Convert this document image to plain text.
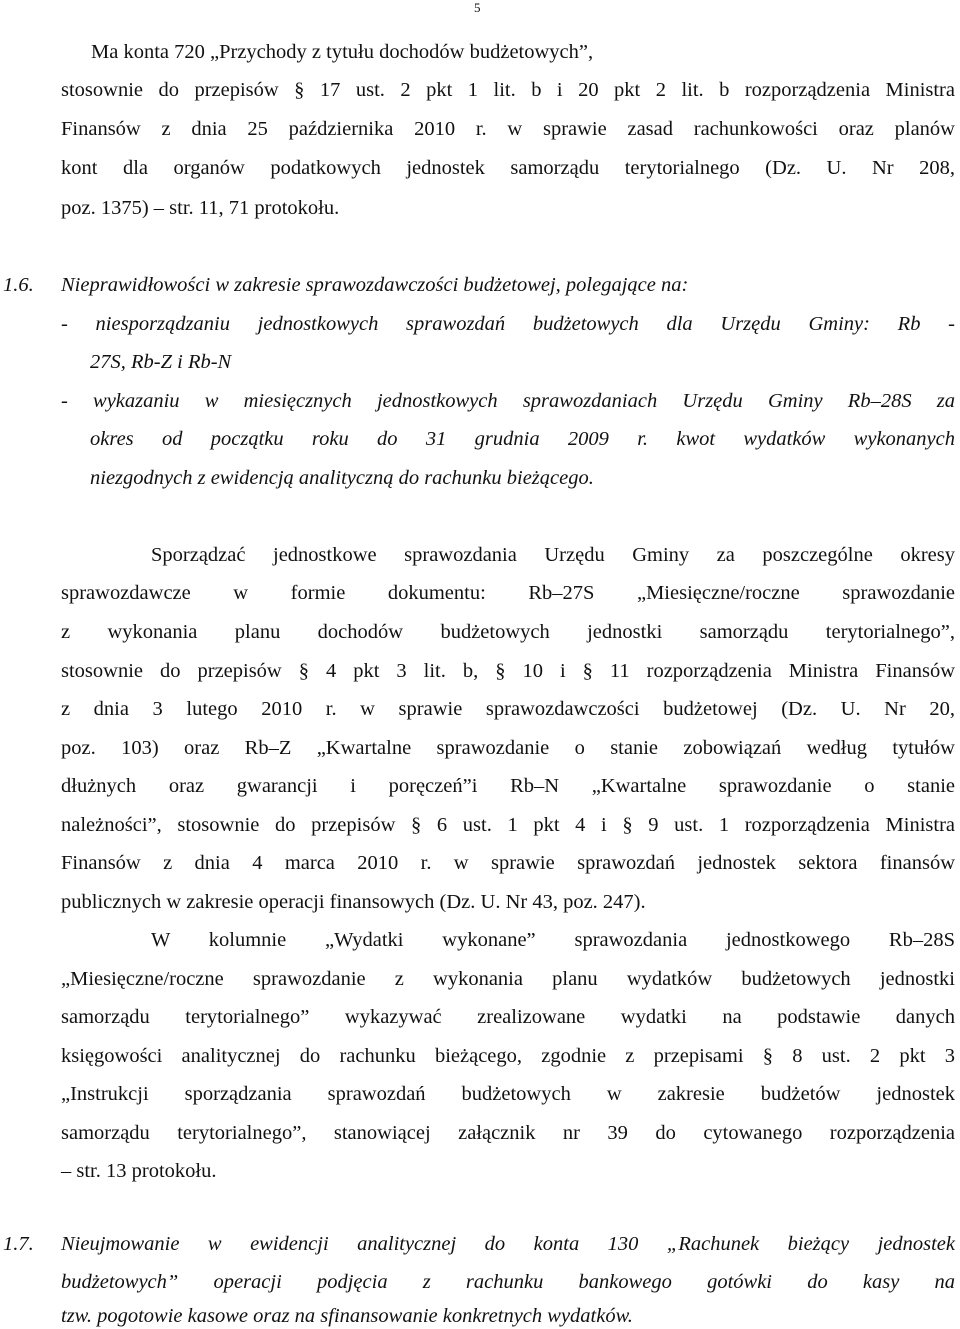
5
Ma konta 720 „Przychody z tytułu dochodów budżetowych”,
stosownie do przepisów § 17 ust. 2 pkt 1 lit. b i 20 pkt 2 lit. b rozporządzenia Ministra
Finansów z dnia 25 października 2010 r. w sprawie zasad rachunkowości oraz planów
kont dla organów podatkowych jednostek samorządu terytorialnego (Dz. U. Nr 208,
poz. 1375) – str. 11, 71 protokołu.
1.6. Nieprawidłowości w zakresie sprawozdawczości budżetowej, polegające na:
- niesporządzaniu jednostkowych sprawozdań budżetowych dla Urzędu Gminy: Rb -
27S, Rb-Z i Rb-N
- wykazaniu w miesięcznych jednostkowych sprawozdaniach Urzędu Gminy Rb–28S za
okres od początku roku do 31 grudnia 2009 r. kwot wydatków wykonanych
niezgodnych z ewidencją analityczną do rachunku bieżącego.
Sporządzać jednostkowe sprawozdania Urzędu Gminy za poszczególne okresy
sprawozdawcze w formie dokumentu: Rb–27S „Miesięczne/roczne sprawozdanie
z wykonania planu dochodów budżetowych jednostki samorządu terytorialnego”,
stosownie do przepisów § 4 pkt 3 lit. b, § 10 i § 11 rozporządzenia Ministra Finansów
z dnia 3 lutego 2010 r. w sprawie sprawozdawczości budżetowej (Dz. U. Nr 20,
poz. 103) oraz Rb–Z „Kwartalne sprawozdanie o stanie zobowiązań według tytułów
dłużnych oraz gwarancji i poręczeń”i Rb–N „Kwartalne sprawozdanie o stanie
należności”, stosownie do przepisów § 6 ust. 1 pkt 4 i § 9 ust. 1 rozporządzenia Ministra
Finansów z dnia 4 marca 2010 r. w sprawie sprawozdań jednostek sektora finansów
publicznych w zakresie operacji finansowych (Dz. U. Nr 43, poz. 247).
W kolumnie „Wydatki wykonane” sprawozdania jednostkowego Rb–28S
„Miesięczne/roczne sprawozdanie z wykonania planu wydatków budżetowych jednostki
samorządu terytorialnego” wykazywać zrealizowane wydatki na podstawie danych
księgowości analitycznej do rachunku bieżącego, zgodnie z przepisami § 8 ust. 2 pkt 3
„Instrukcji sporządzania sprawozdań budżetowych w zakresie budżetów jednostek
samorządu terytorialnego”, stanowiącej załącznik nr 39 do cytowanego rozporządzenia
– str. 13 protokołu.
1.7. Nieujmowanie w ewidencji analitycznej do konta 130 „Rachunek bieżący jednostek
budżetowych” operacji podjęcia z rachunku bankowego gotówki do kasy na
tzw. pogotowie kasowe oraz na sfinansowanie konkretnych wydatków.
